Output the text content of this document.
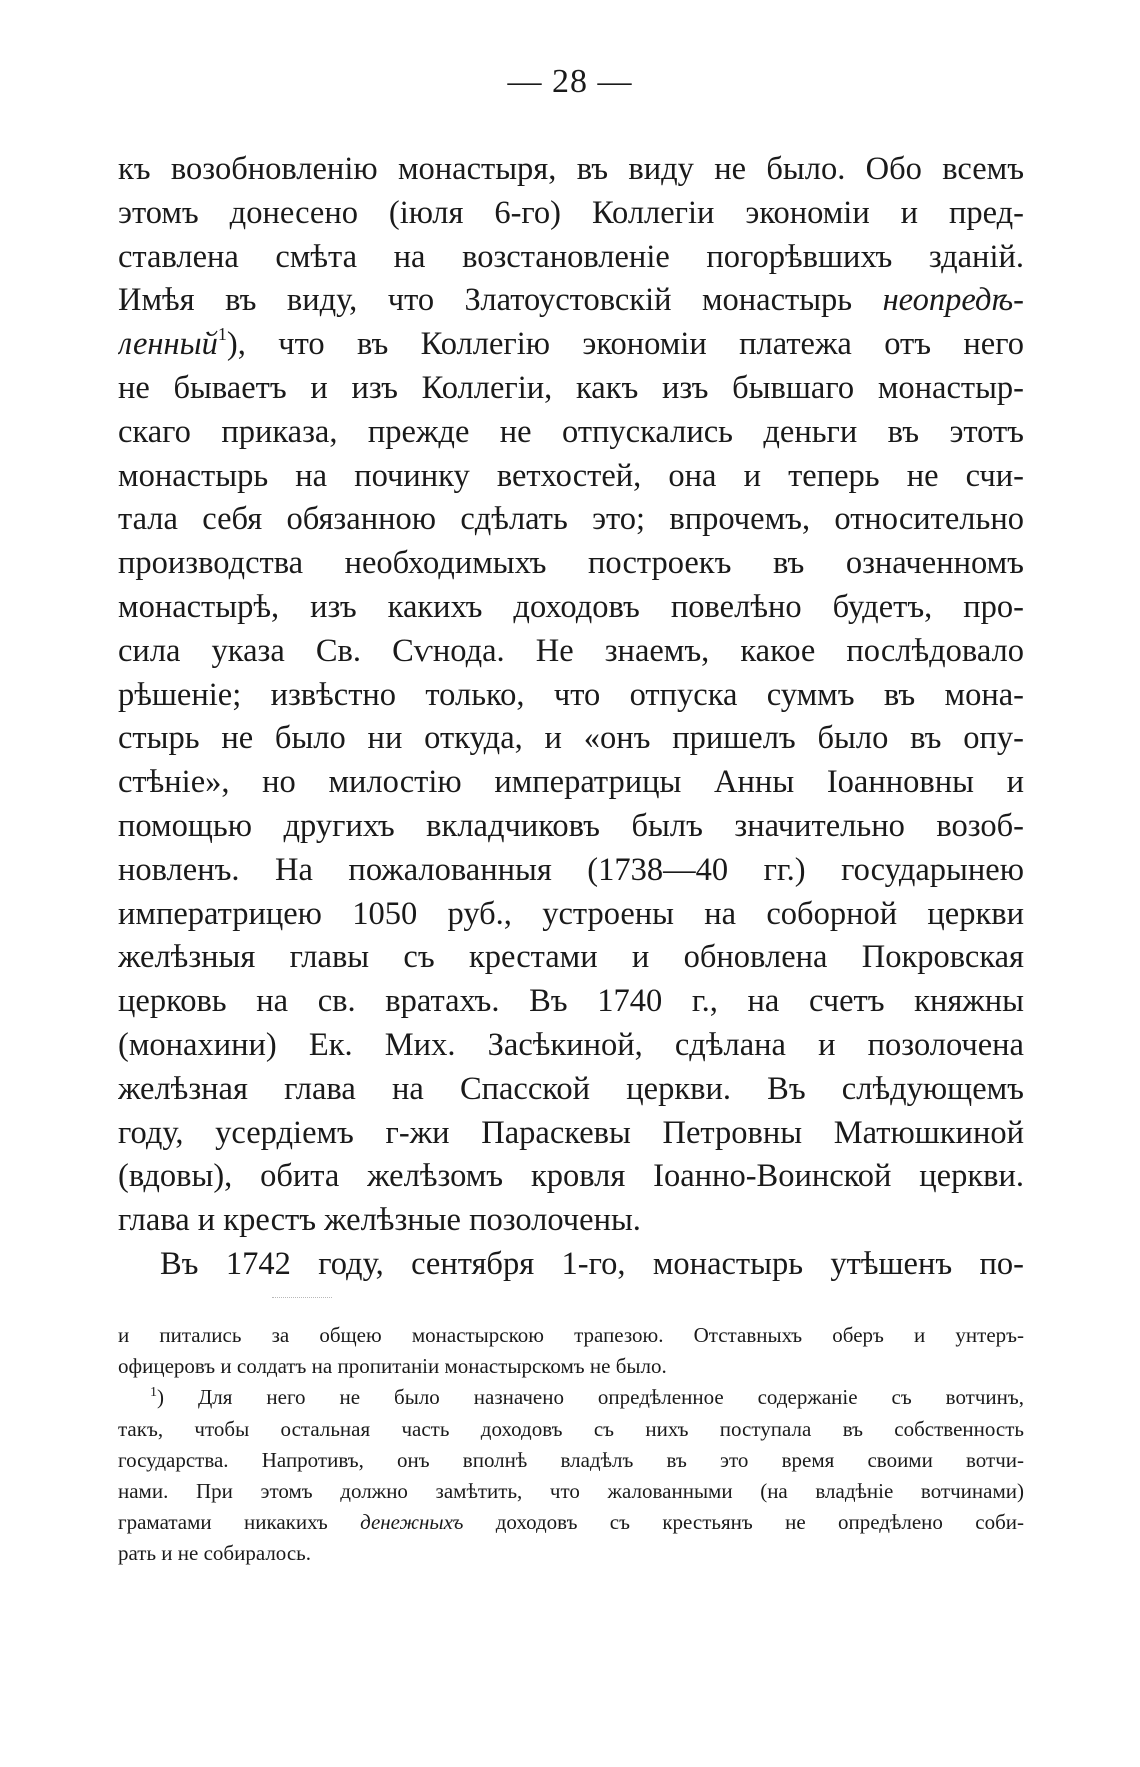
— 28 —
къ возобновленію монастыря, въ виду не было. Обо всемъ
этомъ донесено (іюля 6-го) Коллегіи экономіи и пред-
ставлена смѣта на возстановленіе погорѣвшихъ зданій.
Имѣя въ виду, что Златоустовскій монастырь неопредѣ-
ленный$^1$), что въ Коллегію экономіи платежа отъ него
не бываетъ и изъ Коллегіи, какъ изъ бывшаго монастыр-
скаго приказа, прежде не отпускались деньги въ этотъ
монастырь на починку ветхостей, она и теперь не счи-
тала себя обязанною сдѣлать это; впрочемъ, относительно
производства необходимыхъ построекъ въ означенномъ
монастырѣ, изъ какихъ доходовъ повелѣно будетъ, про-
сила указа Св. Сѵнода. Не знаемъ, какое послѣдовало
рѣшеніе; извѣстно только, что отпуска суммъ въ мона-
стырь не было ни откуда, и «онъ пришелъ было въ опу-
стѣніе», но милостію императрицы Анны Іоанновны и
помощью другихъ вкладчиковъ былъ значительно возоб-
новленъ. На пожалованныя (1738—40 гг.) государынею
императрицею 1050 руб., устроены на соборной церкви
желѣзныя главы съ крестами и обновлена Покровская
церковь на св. вратахъ. Въ 1740 г., на счетъ княжны
(монахини) Ек. Мих. Засѣкиной, сдѣлана и позолочена
желѣзная глава на Спасской церкви. Въ слѣдующемъ
году, усердіемъ г-жи Параскевы Петровны Матюшкиной
(вдовы), обита желѣзомъ кровля Іоанно-Воинской церкви.
глава и крестъ желѣзные позолочены.
Въ 1742 году, сентября 1-го, монастырь утѣшенъ по-
и питались за общею монастырскою трапезою. Отставныхъ оберъ и унтеръ-
офицеровъ и солдатъ на пропитаніи монастырскомъ не было.
$^1$) Для него не было назначено опредѣленное содержаніе съ вотчинъ,
такъ, чтобы остальная часть доходовъ съ нихъ поступала въ собственность
государства. Напротивъ, онъ вполнѣ владѣлъ въ это время своими вотчи-
нами. При этомъ должно замѣтить, что жалованными (на владѣніе вотчинами)
граматами никакихъ денежныхъ доходовъ съ крестьянъ не опредѣлено соби-
рать и не собиралось.
